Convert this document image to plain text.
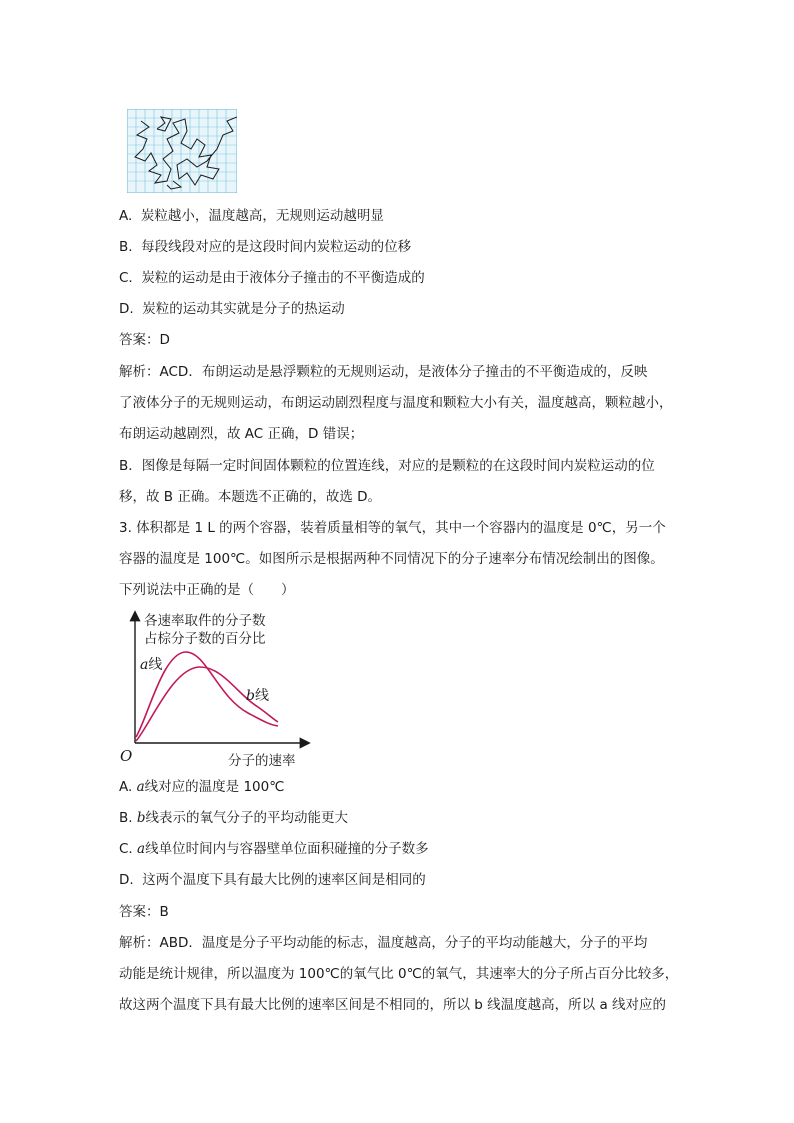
A. 炭粒越小，温度越高，无规则运动越明显
B. 每段线段对应的是这段时间内炭粒运动的位移
C. 炭粒的运动是由于液体分子撞击的不平衡造成的
D. 炭粒的运动其实就是分子的热运动
答案：D
解析：ACD．布朗运动是悬浮颗粒的无规则运动，是液体分子撞击的不平衡造成的，反映
了液体分子的无规则运动，布朗运动剧烈程度与温度和颗粒大小有关，温度越高，颗粒越小，
布朗运动越剧烈，故 AC 正确，D 错误；
B．图像是每隔一定时间固体颗粒的位置连线，对应的是颗粒的在这段时间内炭粒运动的位
移，故 B 正确。本题选不正确的，故选 D。
3. 体积都是 1 L 的两个容器，装着质量相等的氧气，其中一个容器内的温度是 0℃，另一个
容器的温度是 100℃。如图所示是根据两种不同情况下的分子速率分布情况绘制出的图像。
下列说法中正确的是（　　）
各速率取件的分子数
占棕分子数的百分比
O	分子的速率
a线
b线
A. a线对应的温度是 100℃
B. b线表示的氧气分子的平均动能更大
C. a线单位时间内与容器壁单位面积碰撞的分子数多
D. 这两个温度下具有最大比例的速率区间是相同的
答案：B
解析：ABD．温度是分子平均动能的标志，温度越高，分子的平均动能越大，分子的平均
动能是统计规律，所以温度为 100℃的氧气比 0℃的氧气，其速率大的分子所占百分比较多，
故这两个温度下具有最大比例的速率区间是不相同的，所以 b 线温度越高，所以 a 线对应的
